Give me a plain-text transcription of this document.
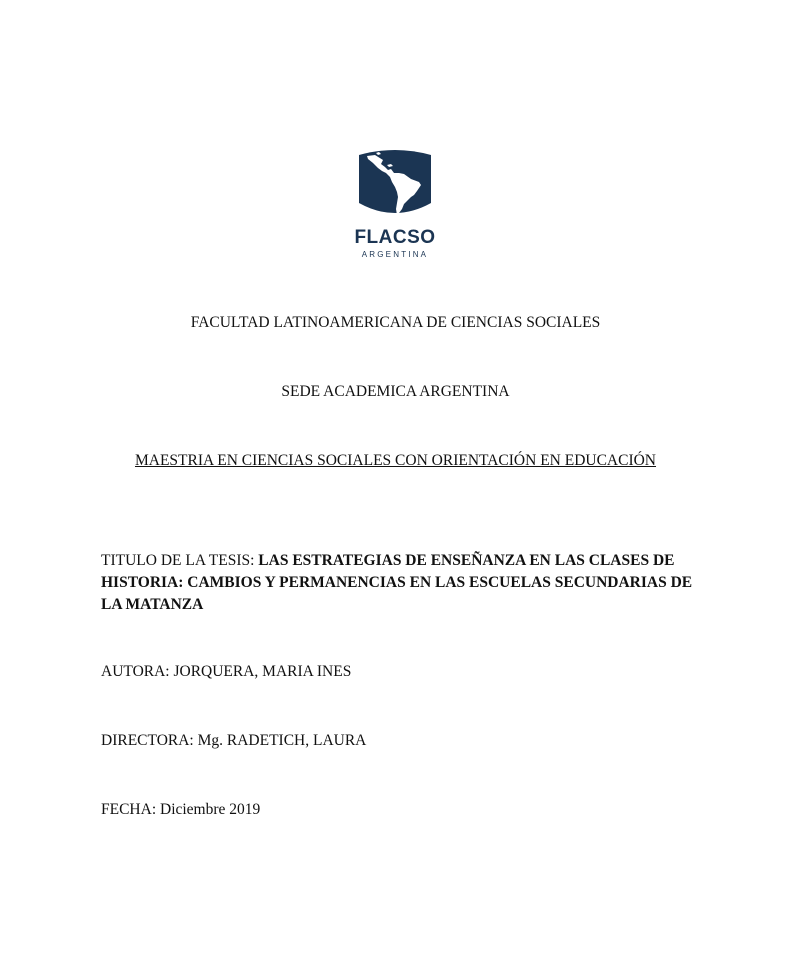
FLACSO
ARGENTINA
FACULTAD LATINOAMERICANA DE CIENCIAS SOCIALES
SEDE ACADEMICA ARGENTINA
MAESTRIA EN CIENCIAS SOCIALES CON ORIENTACIÓN EN EDUCACIÓN
TITULO DE LA TESIS: LAS ESTRATEGIAS DE ENSEÑANZA EN LAS CLASES DE HISTORIA: CAMBIOS Y PERMANENCIAS EN LAS ESCUELAS SECUNDARIAS DE LA MATANZA
AUTORA: JORQUERA, MARIA INES
DIRECTORA: Mg. RADETICH, LAURA
FECHA: Diciembre 2019
